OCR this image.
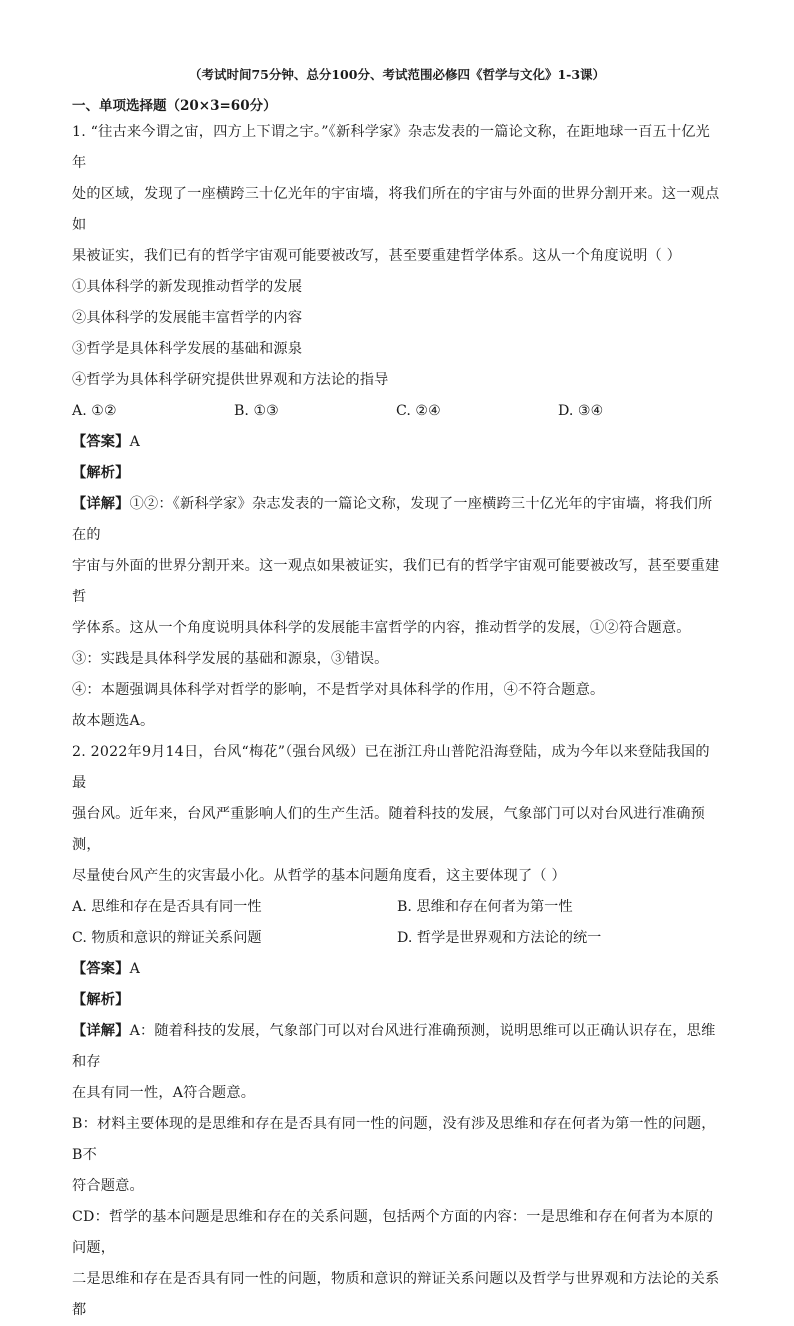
（考试时间75分钟、总分100分、考试范围必修四《哲学与文化》1-3课）
一、单项选择题（20×3=60分）

1. “往古来今谓之宙，四方上下谓之宇。”《新科学家》杂志发表的一篇论文称，在距地球一百五十亿光年

处的区域，发现了一座横跨三十亿光年的宇宙墙，将我们所在的宇宙与外面的世界分割开来。这一观点如

果被证实，我们已有的哲学宇宙观可能要被改写，甚至要重建哲学体系。这从一个角度说明（ ）

①具体科学的新发现推动哲学的发展

②具体科学的发展能丰富哲学的内容

③哲学是具体科学发展的基础和源泉

④哲学为具体科学研究提供世界观和方法论的指导

A. ①②	B. ①③	C. ②④	D. ③④

【答案】A

【解析】

【详解】①②：《新科学家》杂志发表的一篇论文称，发现了一座横跨三十亿光年的宇宙墙，将我们所在的

宇宙与外面的世界分割开来。这一观点如果被证实，我们已有的哲学宇宙观可能要被改写，甚至要重建哲

学体系。这从一个角度说明具体科学的发展能丰富哲学的内容，推动哲学的发展，①②符合题意。

③：实践是具体科学发展的基础和源泉，③错误。

④：本题强调具体科学对哲学的影响，不是哲学对具体科学的作用，④不符合题意。

故本题选A。

2. 2022年9月14日，台风“梅花”（强台风级）已在浙江舟山普陀沿海登陆，成为今年以来登陆我国的最

强台风。近年来，台风严重影响人们的生产生活。随着科技的发展，气象部门可以对台风进行准确预测，

尽量使台风产生的灾害最小化。从哲学的基本问题角度看，这主要体现了（ ）

A. 思维和存在是否具有同一性	B. 思维和存在何者为第一性
C. 物质和意识的辩证关系问题	D. 哲学是世界观和方法论的统一

【答案】A

【解析】

【详解】A：随着科技的发展，气象部门可以对台风进行准确预测，说明思维可以正确认识存在，思维和存

在具有同一性，A符合题意。

B：材料主要体现的是思维和存在是否具有同一性的问题，没有涉及思维和存在何者为第一性的问题，B不

符合题意。

CD：哲学的基本问题是思维和存在的关系问题，包括两个方面的内容：一是思维和存在何者为本原的问题，

二是思维和存在是否具有同一性的问题，物质和意识的辩证关系问题以及哲学与世界观和方法论的关系都
